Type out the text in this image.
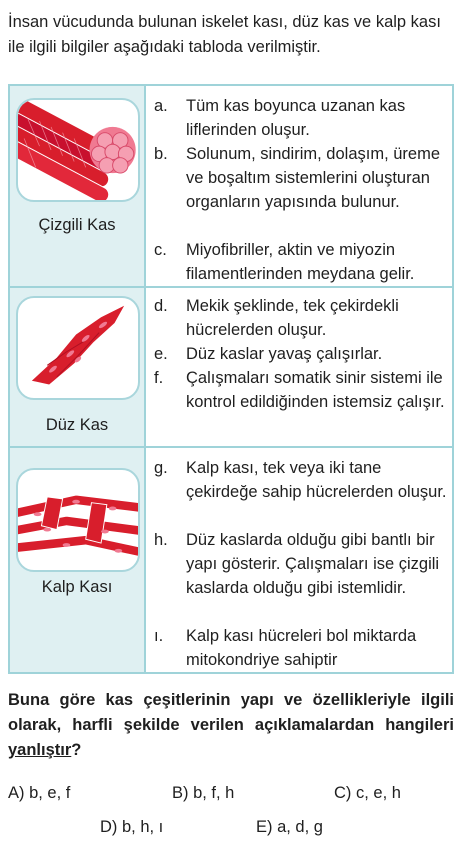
İnsan vücudunda bulunan iskelet kası, düz kas ve kalp kası ile ilgili bilgiler aşağıdaki tabloda verilmiştir.
Çizgili Kas
a.	Tüm kas boyunca uzanan kas liflerinden oluşur.
b.	Solunum, sindirim, dolaşım, üreme ve boşaltım sistemlerini oluşturan organların yapısında bulunur.
c.	Miyofibriller, aktin ve miyozin filamentlerinden meydana gelir.
Düz Kas
d.	Mekik şeklinde, tek çekirdekli hücrelerden oluşur.
e.	Düz kaslar yavaş çalışırlar.
f.	Çalışmaları somatik sinir sistemi ile kontrol edildiğinden istemsiz çalışır.
Kalp Kası
g.	Kalp kası, tek veya iki tane çekirdeğe sahip hücrelerden oluşur.
h.	Düz kaslarda olduğu gibi bantlı bir yapı gösterir. Çalışmaları ise çizgili kaslarda olduğu gibi istemlidir.
ı.	Kalp kası hücreleri bol miktarda mitokondriye sahiptir
Buna göre kas çeşitlerinin yapı ve özellikleriyle ilgili olarak, harfli şekilde verilen açıklamalardan hangileri yanlıştır?
A) b, e, f	B) b, f, h	C) c, e, h
D) b, h, ı	E) a, d, g
